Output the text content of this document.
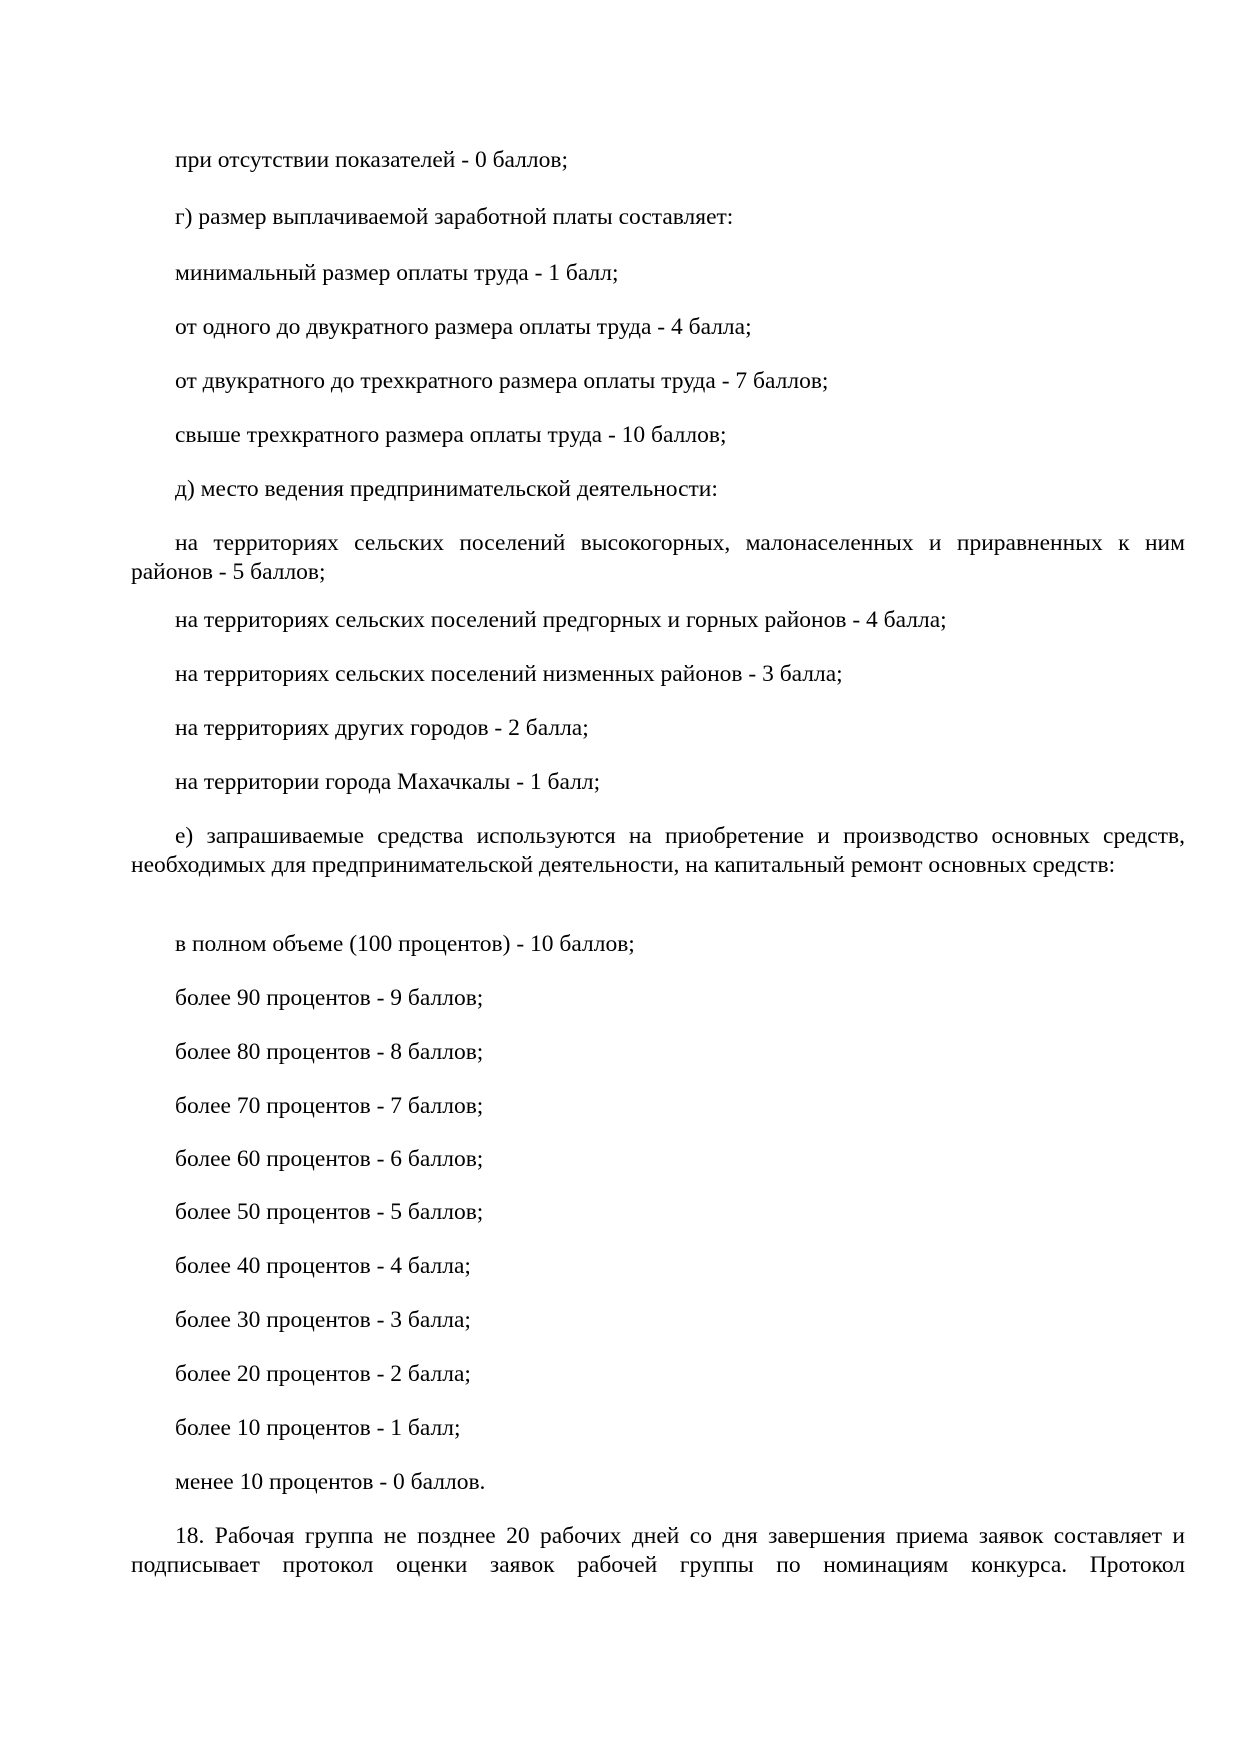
при отсутствии показателей - 0 баллов;

г) размер выплачиваемой заработной платы составляет:

минимальный размер оплаты труда - 1 балл;

от одного до двукратного размера оплаты труда - 4 балла;

от двукратного до трехкратного размера оплаты труда - 7 баллов;

свыше трехкратного размера оплаты труда - 10 баллов;

д) место ведения предпринимательской деятельности:

на территориях сельских поселений высокогорных, малонаселенных и приравненных к ним районов - 5 баллов;

на территориях сельских поселений предгорных и горных районов - 4 балла;

на территориях сельских поселений низменных районов - 3 балла;

на территориях других городов - 2 балла;

на территории города Махачкалы - 1 балл;

е) запрашиваемые средства используются на приобретение и производство основных средств, необходимых для предпринимательской деятельности, на капитальный ремонт основных средств:

в полном объеме (100 процентов) - 10 баллов;

более 90 процентов - 9 баллов;

более 80 процентов - 8 баллов;

более 70 процентов - 7 баллов;

более 60 процентов - 6 баллов;

более 50 процентов - 5 баллов;

более 40 процентов - 4 балла;

более 30 процентов - 3 балла;

более 20 процентов - 2 балла;

более 10 процентов - 1 балл;

менее 10 процентов - 0 баллов.

18. Рабочая группа не позднее 20 рабочих дней со дня завершения приема заявок составляет и подписывает протокол оценки заявок рабочей группы по номинациям конкурса. Протокол
